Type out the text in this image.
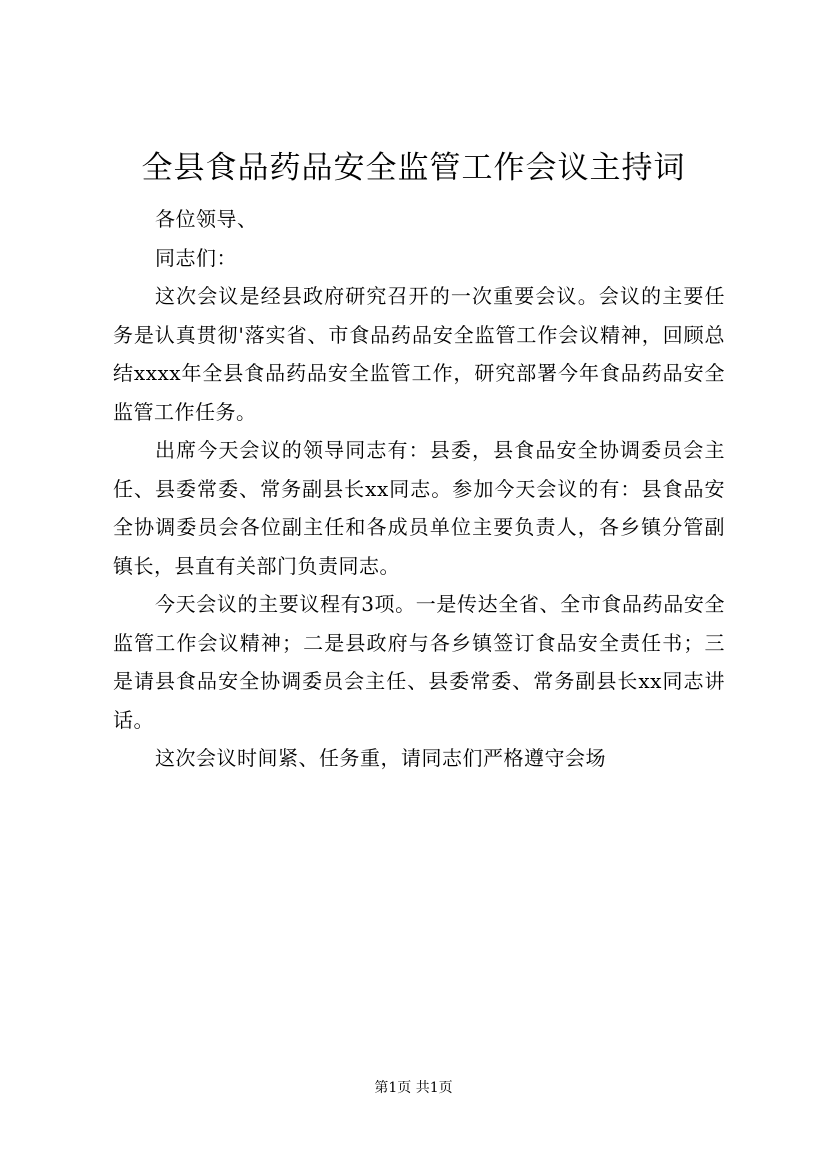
全县食品药品安全监管工作会议主持词

各位领导、

同志们：

这次会议是经县政府研究召开的一次重要会议。会议的主要任务是认真贯彻'落实省、市食品药品安全监管工作会议精神，回顾总结xxxx年全县食品药品安全监管工作，研究部署今年食品药品安全监管工作任务。

出席今天会议的领导同志有：县委，县食品安全协调委员会主任、县委常委、常务副县长xx同志。参加今天会议的有：县食品安全协调委员会各位副主任和各成员单位主要负责人，各乡镇分管副镇长，县直有关部门负责同志。

今天会议的主要议程有3项。一是传达全省、全市食品药品安全监管工作会议精神；二是县政府与各乡镇签订食品安全责任书；三是请县食品安全协调委员会主任、县委常委、常务副县长xx同志讲话。

这次会议时间紧、任务重，请同志们严格遵守会场

第1页 共1页
